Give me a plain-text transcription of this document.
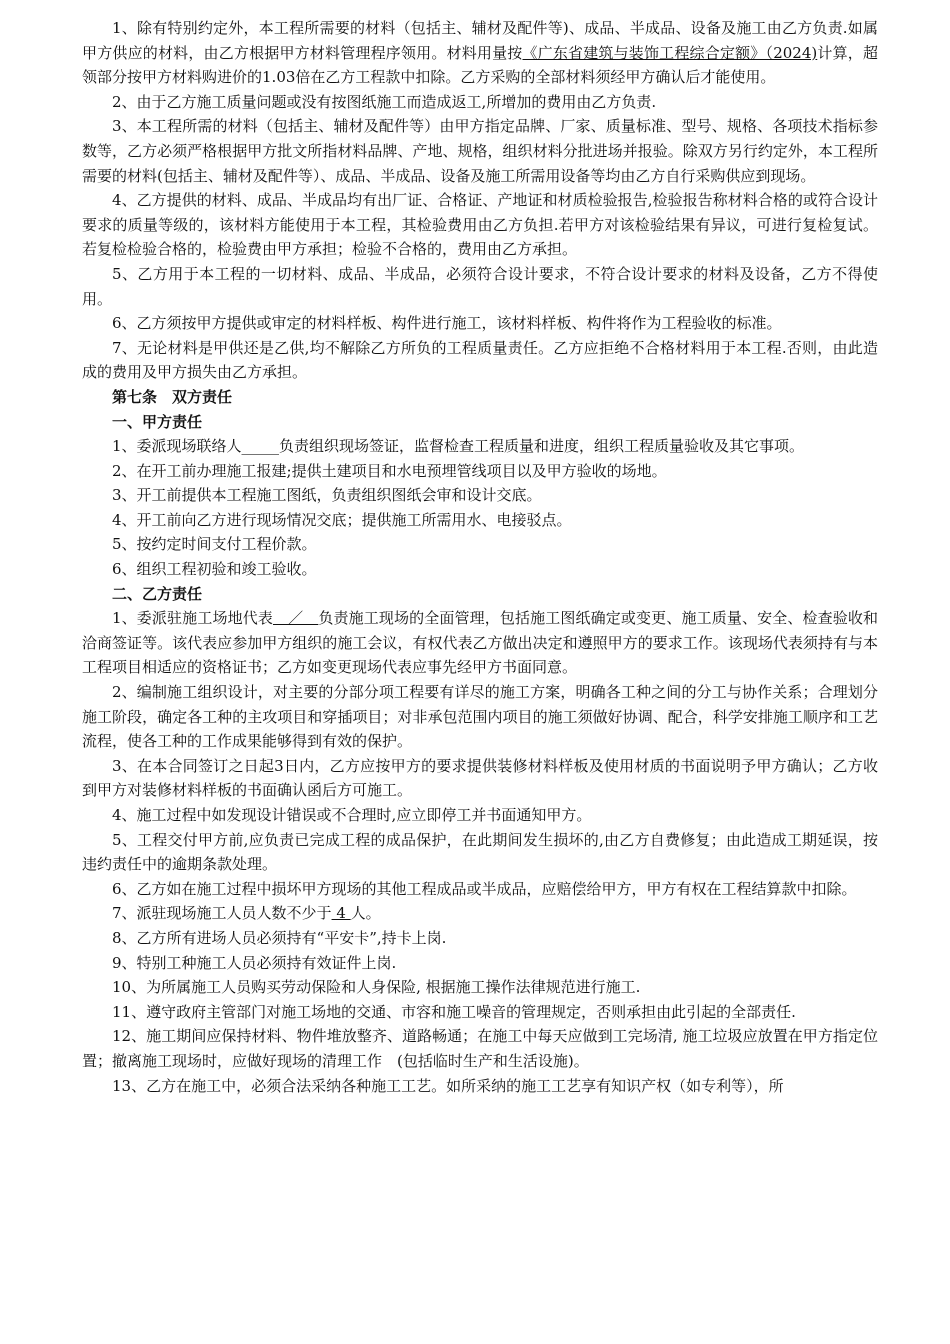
1、除有特别约定外，本工程所需要的材料（包括主、辅材及配件等)、成品、半成品、设备及施工由乙方负责.如属甲方供应的材料，由乙方根据甲方材料管理程序领用。材料用量按《广东省建筑与装饰工程综合定额》（2024)计算，超领部分按甲方材料购进价的1.03倍在乙方工程款中扣除。乙方采购的全部材料须经甲方确认后才能使用。

2、由于乙方施工质量问题或没有按图纸施工而造成返工,所增加的费用由乙方负责.

3、本工程所需的材料（包括主、辅材及配件等）由甲方指定品牌、厂家、质量标准、型号、规格、各项技术指标参数等，乙方必须严格根据甲方批文所指材料品牌、产地、规格，组织材料分批进场并报验。除双方另行约定外，本工程所需要的材料(包括主、辅材及配件等）、成品、半成品、设备及施工所需用设备等均由乙方自行采购供应到现场。

4、乙方提供的材料、成品、半成品均有出厂证、合格证、产地证和材质检验报告,检验报告称材料合格的或符合设计要求的质量等级的，该材料方能使用于本工程，其检验费用由乙方负担.若甲方对该检验结果有异议，可进行复检复试。若复检检验合格的，检验费由甲方承担；检验不合格的，费用由乙方承担。

5、乙方用于本工程的一切材料、成品、半成品，必须符合设计要求，不符合设计要求的材料及设备，乙方不得使用。

6、乙方须按甲方提供或审定的材料样板、构件进行施工，该材料样板、构件将作为工程验收的标准。

7、无论材料是甲供还是乙供,均不解除乙方所负的工程质量责任。乙方应拒绝不合格材料用于本工程.否则，由此造成的费用及甲方损失由乙方承担。

第七条　双方责任
一、甲方责任

1、委派现场联络人_____负责组织现场签证，监督检查工程质量和进度，组织工程质量验收及其它事项。

2、在开工前办理施工报建;提供土建项目和水电预埋管线项目以及甲方验收的场地。

3、开工前提供本工程施工图纸，负责组织图纸会审和设计交底。

4、开工前向乙方进行现场情况交底；提供施工所需用水、电接驳点。

5、按约定时间支付工程价款。

6、组织工程初验和竣工验收。

二、乙方责任

1、委派驻施工场地代表　／　负责施工现场的全面管理，包括施工图纸确定或变更、施工质量、安全、检查验收和洽商签证等。该代表应参加甲方组织的施工会议，有权代表乙方做出决定和遵照甲方的要求工作。该现场代表须持有与本工程项目相适应的资格证书；乙方如变更现场代表应事先经甲方书面同意。

2、编制施工组织设计，对主要的分部分项工程要有详尽的施工方案，明确各工种之间的分工与协作关系；合理划分施工阶段，确定各工种的主攻项目和穿插项目；对非承包范围内项目的施工须做好协调、配合，科学安排施工顺序和工艺流程，使各工种的工作成果能够得到有效的保护。

3、在本合同签订之日起3日内，乙方应按甲方的要求提供装修材料样板及使用材质的书面说明予甲方确认；乙方收到甲方对装修材料样板的书面确认函后方可施工。

4、施工过程中如发现设计错误或不合理时,应立即停工并书面通知甲方。

5、工程交付甲方前,应负责已完成工程的成品保护，在此期间发生损坏的,由乙方自费修复；由此造成工期延误，按违约责任中的逾期条款处理。

6、乙方如在施工过程中损坏甲方现场的其他工程成品或半成品，应赔偿给甲方，甲方有权在工程结算款中扣除。

7、派驻现场施工人员人数不少于 4 人。

8、乙方所有进场人员必须持有“平安卡”,持卡上岗.

9、特别工种施工人员必须持有效证件上岗.

10、为所属施工人员购买劳动保险和人身保险, 根据施工操作法律规范进行施工.

11、遵守政府主管部门对施工场地的交通、市容和施工噪音的管理规定，否则承担由此引起的全部责任.

12、施工期间应保持材料、物件堆放整齐、道路畅通；在施工中每天应做到工完场清, 施工垃圾应放置在甲方指定位置；撤离施工现场时，应做好现场的清理工作　(包括临时生产和生活设施)。

13、乙方在施工中，必须合法采纳各种施工工艺。如所采纳的施工工艺享有知识产权（如专利等），所
